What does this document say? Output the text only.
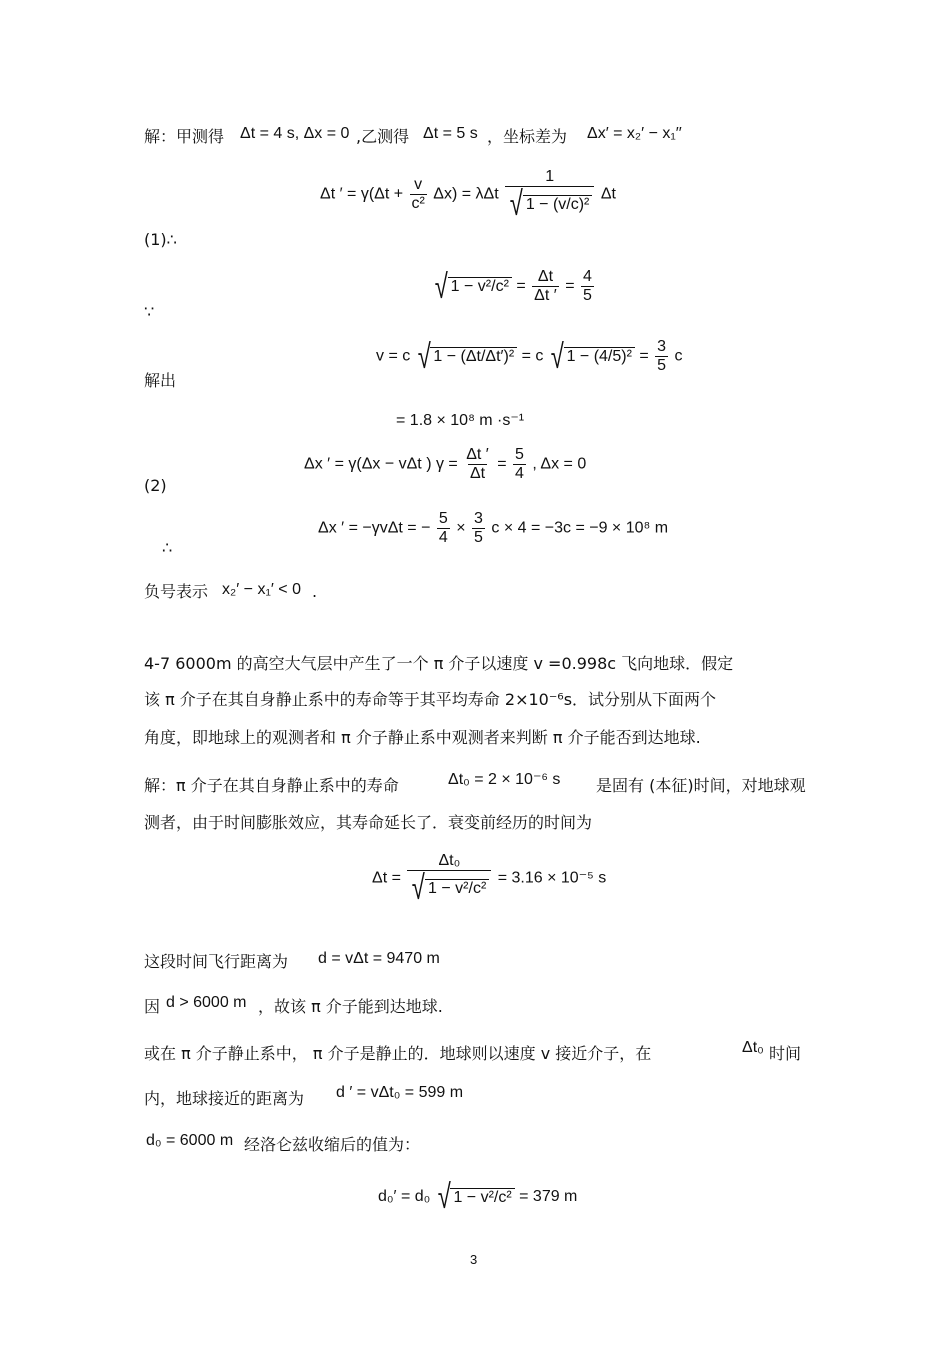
解：甲测得 Δt = 4 s, Δx = 0 ,乙测得 Δt = 5 s ，坐标差为 Δx′ = x₂′ − x₁′′
Δt ′ = $\gamma(\Delta t + \frac{v}{\text{c²}} \Delta x) = \lambda\Delta t \frac{1}{\text{√ 1 − (v/c)²}}$ Δt
(1)∴
∵
√ $1 - v^2/c^2 = \frac{\Delta t}{\Delta t '} = \frac{4}{5}$
解出
v = c √ 1 − (Δt/Δt′)² = c √ $1 - (4/5)^2 = \frac{3}{5}$ c
= 1.8 × 10⁸ m ·s⁻¹
(2)
Δx ′ = γ(Δx − vΔt ) $\gamma = \frac{\Delta t '}{\Delta t} = \frac{5}{4}$ , Δx = 0
∴
Δx ′ = −γvΔt = − $\frac{5}{4} \times \frac{3}{5}$ c × 4 = −3c = −9 × 10⁸ m
负号表示 x₂′ − x₁′ < 0 .
4-7 6000m 的高空大气层中产生了一个 π 介子以速度 v =0.998c 飞向地球．假定
该 π 介子在其自身静止系中的寿命等于其平均寿命 2×10⁻⁶s．试分别从下面两个
角度，即地球上的观测者和 π 介子静止系中观测者来判断 π 介子能否到达地球.
解：π 介子在其自身静止系中的寿命	Δt₀ = 2 × 10⁻⁶ s 是固有 (本征)时间，对地球观
测者，由于时间膨胀效应，其寿命延长了．衰变前经历的时间为
$\Delta t = \frac{\text{Δt₀}}{\text{√ 1 − v²/c²}} = 3.16 \times 10^{-5}$ s
这段时间飞行距离为 d = vΔt = 9470 m
因 d > 6000 m ，故该 π 介子能到达地球.
或在 π 介子静止系中， π 介子是静止的．地球则以速度 v 接近介子，在	Δt₀ 时间
内，地球接近的距离为 d ′ = vΔt₀ = 599 m
d₀ = 6000 m 经洛仑兹收缩后的值为：
d₀′ = d₀ √ 1 − v²/c² = 379 m
3
